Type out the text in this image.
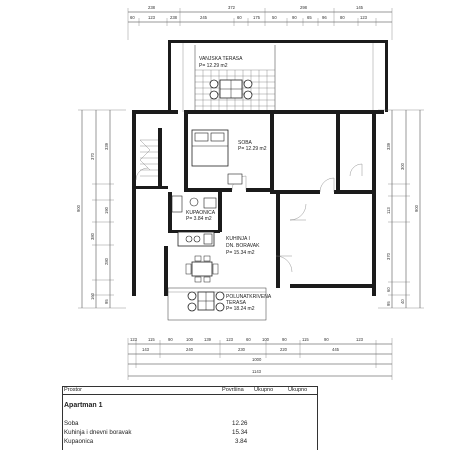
238	372	298	145
60	123	238	245	60	175	50	90 65 96	80	123
VANJSKA TERASA
P= 12.29 m2
900
370
339
190
380
280
160
95
339
300
900
113
370
60
40
95
SOBA
P= 12.29 m2
KUPAONICA
P= 3.84 m2
KUHINJA I
DN. BORAVAK
P= 15.34 m2
POLUNATKRIVENA
TERASA
P= 18.24 m2
123	115	90	100	139	123	60	100	90	115	90	123
143	240	230	220	445
1000
1143
Prostor	Površina Ukupno	Ukupno
Apartman 1
Soba	12.26
Kuhinja i dnevni boravak	15.34
Kupaonica	3.84
